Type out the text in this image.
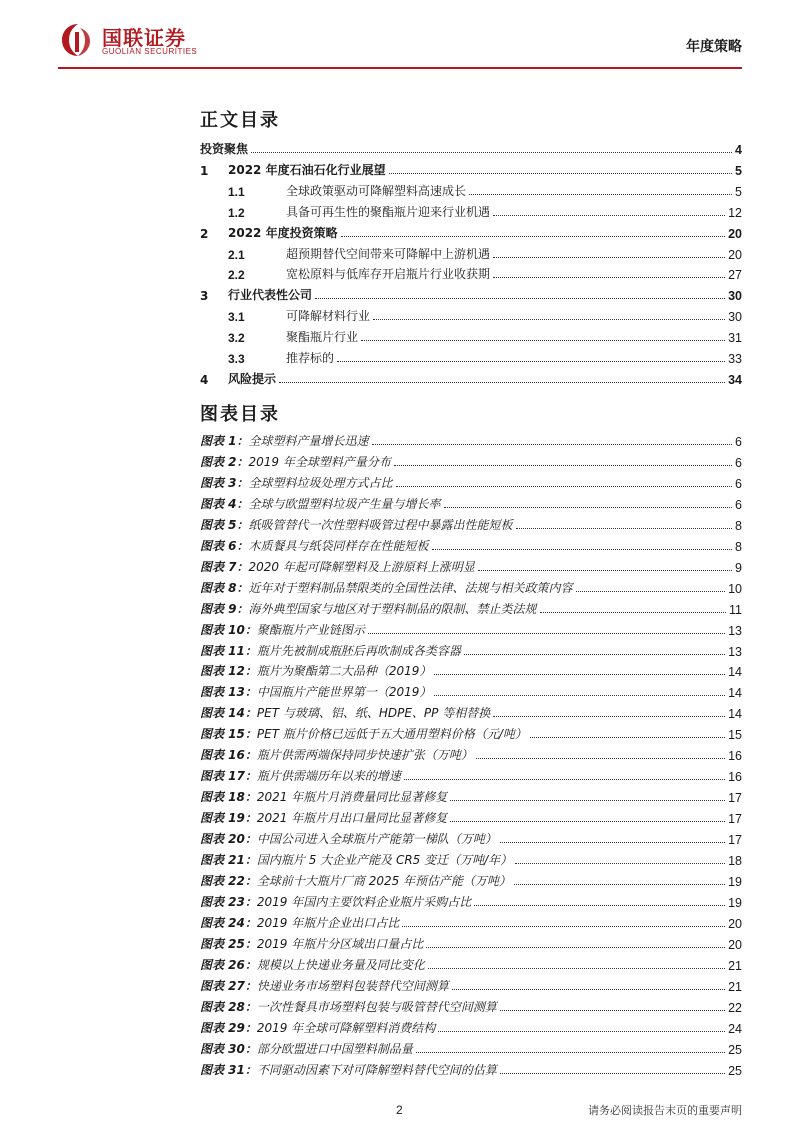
国联证券
GUOLIAN SECURITIES	年度策略
正文目录
投资聚焦	4
1	2022 年度石油石化行业展望	5
1.1	全球政策驱动可降解塑料高速成长	5
1.2	具备可再生性的聚酯瓶片迎来行业机遇	12
2	2022 年度投资策略	20
2.1	超预期替代空间带来可降解中上游机遇	20
2.2	宽松原料与低库存开启瓶片行业收获期	27
3	行业代表性公司	30
3.1	可降解材料行业	30
3.2	聚酯瓶片行业	31
3.3	推荐标的	33
4	风险提示	34
图表目录
图表 1：全球塑料产量增长迅速	6
图表 2：2019 年全球塑料产量分布	6
图表 3：全球塑料垃圾处理方式占比	6
图表 4：全球与欧盟塑料垃圾产生量与增长率	6
图表 5：纸吸管替代一次性塑料吸管过程中暴露出性能短板	8
图表 6：木质餐具与纸袋同样存在性能短板	8
图表 7：2020 年起可降解塑料及上游原料上涨明显	9
图表 8：近年对于塑料制品禁限类的全国性法律、法规与相关政策内容	10
图表 9：海外典型国家与地区对于塑料制品的限制、禁止类法规	11
图表 10：聚酯瓶片产业链图示	13
图表 11：瓶片先被制成瓶胚后再吹制成各类容器	13
图表 12：瓶片为聚酯第二大品种（2019）	14
图表 13：中国瓶片产能世界第一（2019）	14
图表 14：PET 与玻璃、铝、纸、HDPE、PP 等相替换	14
图表 15：PET 瓶片价格已远低于五大通用塑料价格（元/吨）	15
图表 16：瓶片供需两端保持同步快速扩张（万吨）	16
图表 17：瓶片供需端历年以来的增速	16
图表 18：2021 年瓶片月消费量同比显著修复	17
图表 19：2021 年瓶片月出口量同比显著修复	17
图表 20：中国公司进入全球瓶片产能第一梯队（万吨）	17
图表 21：国内瓶片 5 大企业产能及 CR5 变迁（万吨/年）	18
图表 22：全球前十大瓶片厂商 2025 年预估产能（万吨）	19
图表 23：2019 年国内主要饮料企业瓶片采购占比	19
图表 24：2019 年瓶片企业出口占比	20
图表 25：2019 年瓶片分区域出口量占比	20
图表 26：规模以上快递业务量及同比变化	21
图表 27：快递业务市场塑料包装替代空间测算	21
图表 28：一次性餐具市场塑料包装与吸管替代空间测算	22
图表 29：2019 年全球可降解塑料消费结构	24
图表 30：部分欧盟进口中国塑料制品量	25
图表 31：不同驱动因素下对可降解塑料替代空间的估算	25
2	请务必阅读报告末页的重要声明
